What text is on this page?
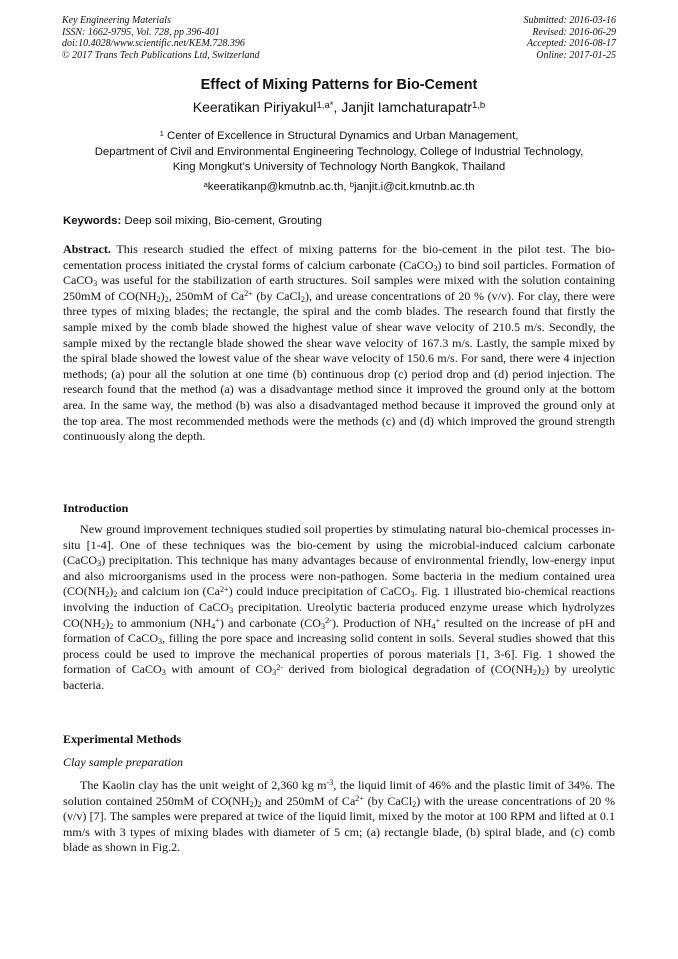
Key Engineering Materials
ISSN: 1662-9795, Vol. 728, pp 396-401
doi:10.4028/www.scientific.net/KEM.728.396
© 2017 Trans Tech Publications Ltd, Switzerland
Submitted: 2016-03-16
Revised: 2016-06-29
Accepted: 2016-08-17
Online: 2017-01-25
Effect of Mixing Patterns for Bio-Cement
Keeratikan Piriyakul$^{1,a*}$, Janjit Iamchaturapatr$^{1,b}$
$^1$ Center of Excellence in Structural Dynamics and Urban Management,
Department of Civil and Environmental Engineering Technology, College of Industrial Technology,
King Mongkut’s University of Technology North Bangkok, Thailand
$^a$keeratikanp@kmutnb.ac.th, $^b$janjit.i@cit.kmutnb.ac.th
Keywords: Deep soil mixing, Bio-cement, Grouting

Abstract. This research studied the effect of mixing patterns for the bio-cement in the pilot test. The bio-cementation process initiated the crystal forms of calcium carbonate (CaCO$_3$) to bind soil particles. Formation of CaCO$_3$ was useful for the stabilization of earth structures. Soil samples were mixed with the solution containing 250mM of $CO(NH_2)_2$, 250mM of $Ca^{2+}$ (by CaCl$_2$), and urease concentrations of 20 % (v/v). For clay, there were three types of mixing blades; the rectangle, the spiral and the comb blades. The research found that firstly the sample mixed by the comb blade showed the highest value of shear wave velocity of 210.5 m/s. Secondly, the sample mixed by the rectangle blade showed the shear wave velocity of 167.3 m/s. Lastly, the sample mixed by the spiral blade showed the lowest value of the shear wave velocity of 150.6 m/s. For sand, there were 4 injection methods; (a) pour all the solution at one time (b) continuous drop (c) period drop and (d) period injection. The research found that the method (a) was a disadvantage method since it improved the ground only at the bottom area. In the same way, the method (b) was also a disadvantaged method because it improved the ground only at the top area. The most recommended methods were the methods (c) and (d) which improved the ground strength continuously along the depth.

Introduction

New ground improvement techniques studied soil properties by stimulating natural bio-chemical processes in-situ [1-4]. One of these techniques was the bio-cement by using the microbial-induced calcium carbonate (CaCO$_3$) precipitation. This technique has many advantages because of environmental friendly, low-energy input and also microorganisms used in the process were non-pathogen. Some bacteria in the medium contained urea ($CO(NH_2)_2$ and calcium ion $(Ca^{2+})$ could induce precipitation of CaCO$_3$. Fig. 1 illustrated bio-chemical reactions involving the induction of CaCO$_3$ precipitation. Ureolytic bacteria produced enzyme urease which hydrolyzes $CO(NH_2)_2$ to ammonium $(NH_4^+)$ and carbonate $(CO_3^{2-})$. Production of $NH_4^+$ resulted on the increase of pH and formation of CaCO$_3$, filling the pore space and increasing solid content in soils. Several studies showed that this process could be used to improve the mechanical properties of porous materials [1, 3-6]. Fig. 1 showed the formation of CaCO$_3$ with amount of $CO_3^{2-}$ derived from biological degradation of $(CO(NH_2)_2)$ by ureolytic bacteria.

Experimental Methods
Clay sample preparation

The Kaolin clay has the unit weight of 2,360 kg $m^{-3}$, the liquid limit of 46% and the plastic limit of 34%. The solution contained 250mM of $CO(NH_2)_2$ and 250mM of $Ca^{2+}$ (by CaCl$_2$) with the urease concentrations of 20 % (v/v) [7]. The samples were prepared at twice of the liquid limit, mixed by the motor at 100 RPM and lifted at 0.1 mm/s with 3 types of mixing blades with diameter of 5 cm; (a) rectangle blade, (b) spiral blade, and (c) comb blade as shown in Fig.2.
